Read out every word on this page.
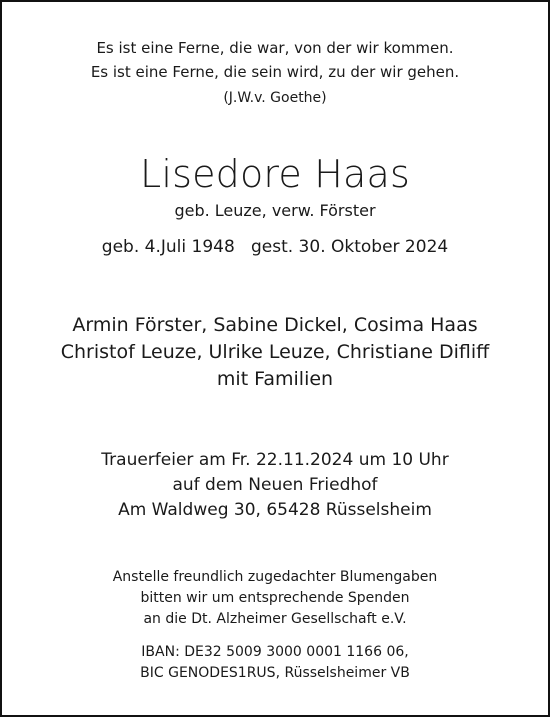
Es ist eine Ferne, die war, von der wir kommen.
Es ist eine Ferne, die sein wird, zu der wir gehen.
(J.W.v. Goethe)
Lisedore Haas
geb. Leuze, verw. Förster
geb. 4.Juli 1948   gest. 30. Oktober 2024
Armin Förster, Sabine Dickel, Cosima Haas
Christof Leuze, Ulrike Leuze, Christiane Difliff
mit Familien
Trauerfeier am Fr. 22.11.2024 um 10 Uhr
auf dem Neuen Friedhof
Am Waldweg 30, 65428 Rüsselsheim
Anstelle freundlich zugedachter Blumengaben
bitten wir um entsprechende Spenden
an die Dt. Alzheimer Gesellschaft e.V.
IBAN: DE32 5009 3000 0001 1166 06,
BIC GENODES1RUS, Rüsselsheimer VB
